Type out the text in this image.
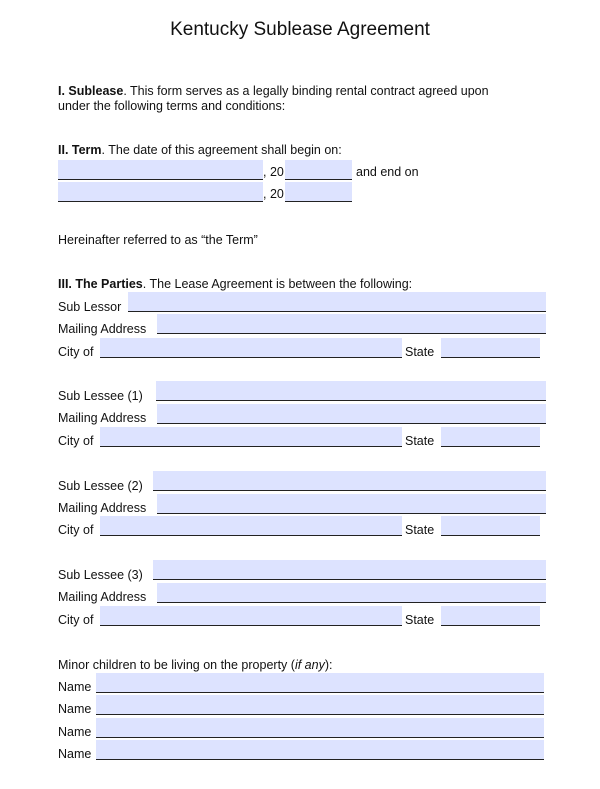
Kentucky Sublease Agreement
I. Sublease. This form serves as a legally binding rental contract agreed upon
under the following terms and conditions:
II. Term. The date of this agreement shall begin on:
, 20	and end on
, 20
Hereinafter referred to as “the Term”
III. The Parties. The Lease Agreement is between the following:
Sub Lessor
Mailing Address
City of	State
Sub Lessee (1)
Mailing Address
City of	State
Sub Lessee (2)
Mailing Address
City of	State
Sub Lessee (3)
Mailing Address
City of	State
Minor children to be living on the property (if any):
Name
Name
Name
Name
